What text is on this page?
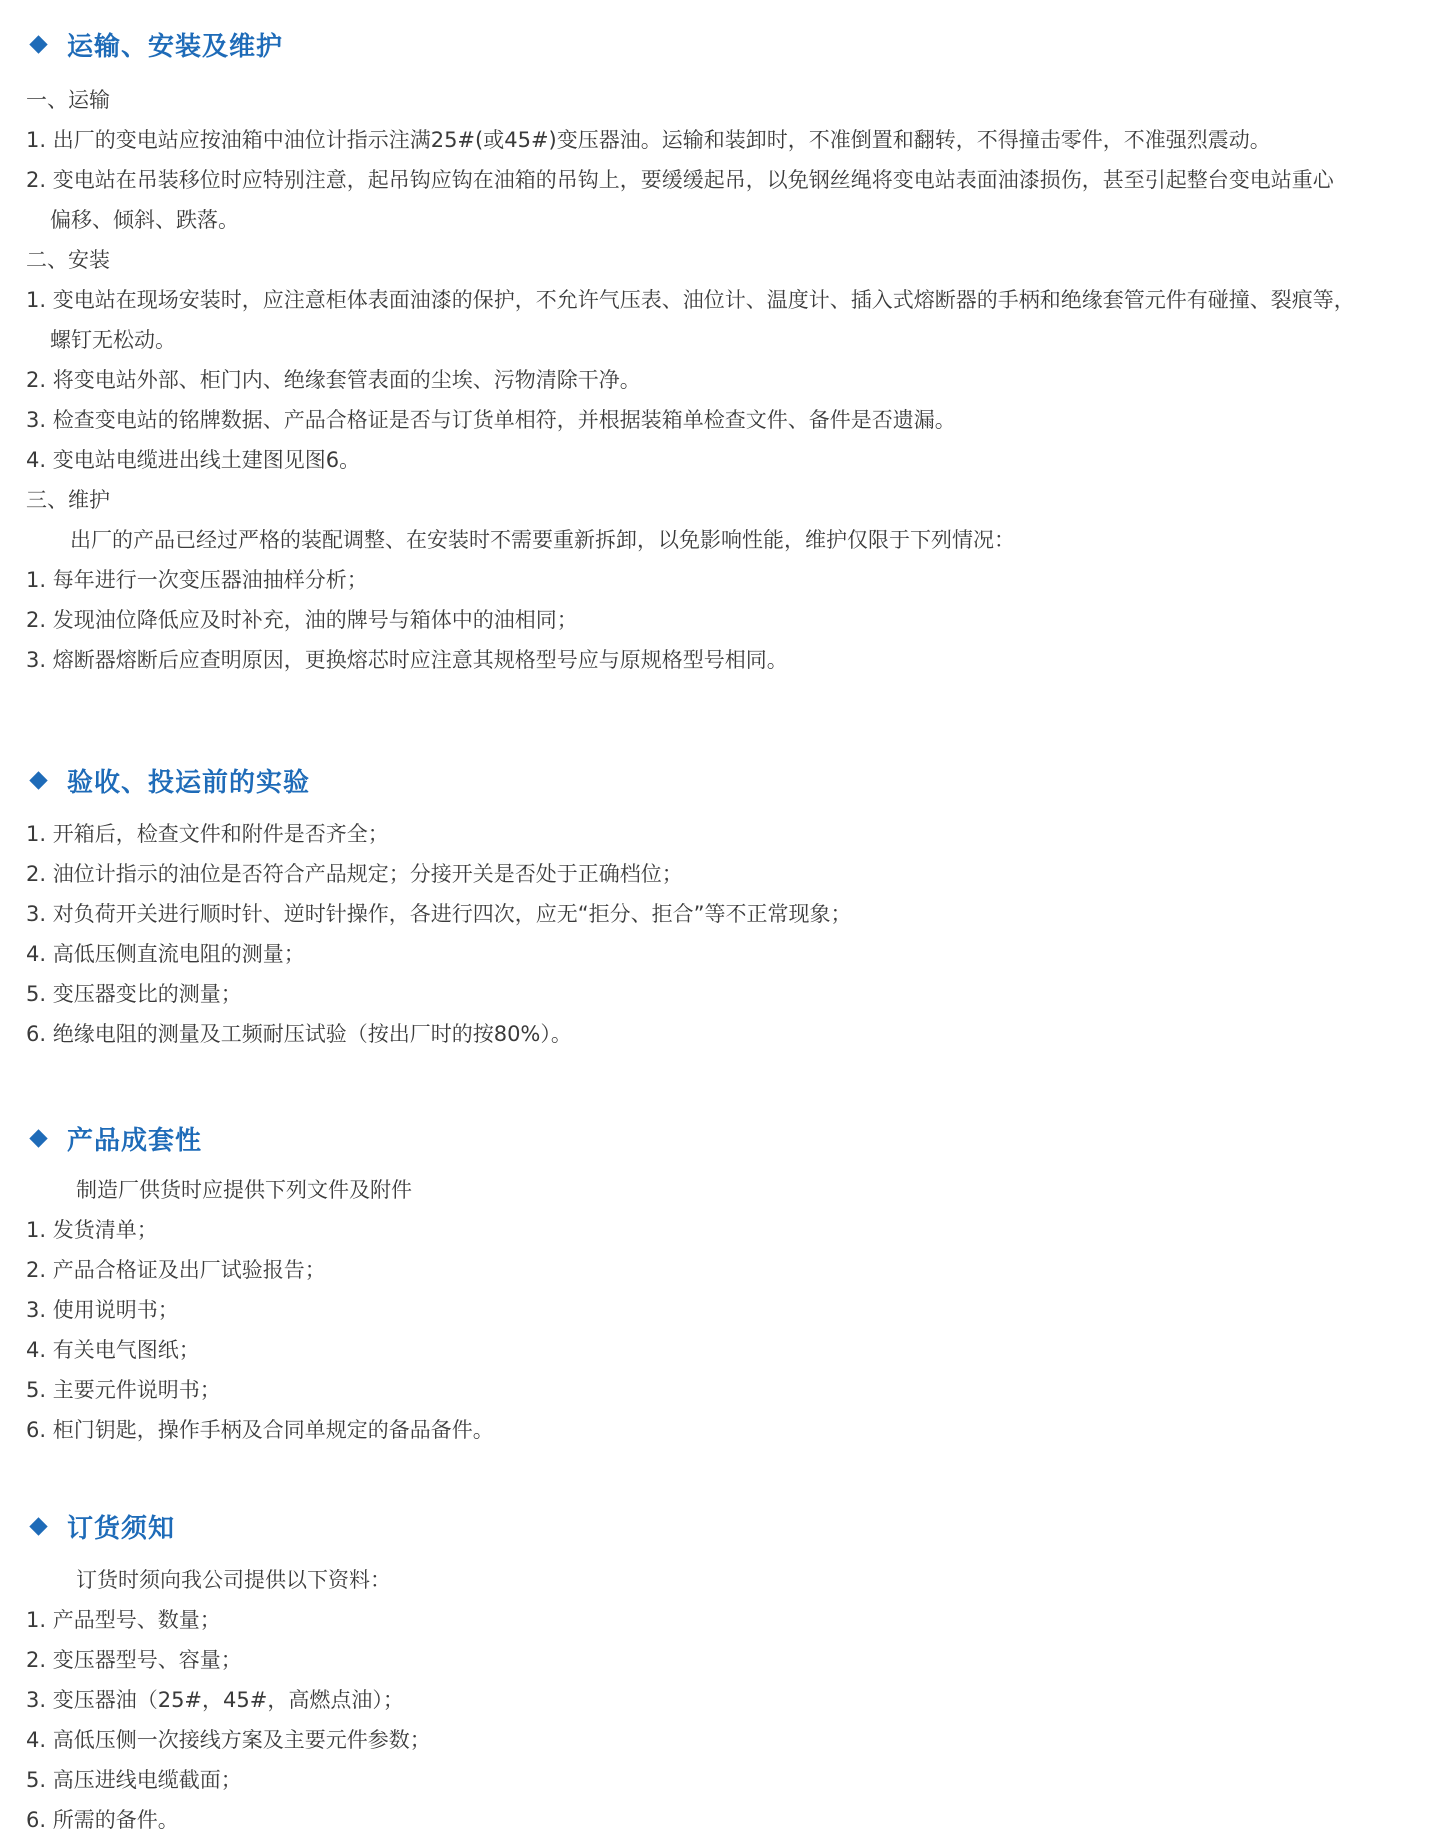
运输、安装及维护
一、运输
1. 出厂的变电站应按油箱中油位计指示注满25#(或45#)变压器油。运输和装卸时，不准倒置和翻转，不得撞击零件，不准强烈震动。
2. 变电站在吊装移位时应特别注意，起吊钩应钩在油箱的吊钩上，要缓缓起吊，以免钢丝绳将变电站表面油漆损伤，甚至引起整台变电站重心
偏移、倾斜、跌落。
二、安装
1. 变电站在现场安装时，应注意柜体表面油漆的保护，不允许气压表、油位计、温度计、插入式熔断器的手柄和绝缘套管元件有碰撞、裂痕等，
螺钉无松动。
2. 将变电站外部、柜门内、绝缘套管表面的尘埃、污物清除干净。
3. 检查变电站的铭牌数据、产品合格证是否与订货单相符，并根据装箱单检查文件、备件是否遗漏。
4. 变电站电缆进出线土建图见图6。
三、维护
出厂的产品已经过严格的装配调整、在安装时不需要重新拆卸，以免影响性能，维护仅限于下列情况：
1. 每年进行一次变压器油抽样分析；
2. 发现油位降低应及时补充，油的牌号与箱体中的油相同；
3. 熔断器熔断后应查明原因，更换熔芯时应注意其规格型号应与原规格型号相同。
验收、投运前的实验
1. 开箱后，检查文件和附件是否齐全；
2. 油位计指示的油位是否符合产品规定；分接开关是否处于正确档位；
3. 对负荷开关进行顺时针、逆时针操作，各进行四次，应无“拒分、拒合”等不正常现象；
4. 高低压侧直流电阻的测量；
5. 变压器变比的测量；
6. 绝缘电阻的测量及工频耐压试验（按出厂时的按80%）。
产品成套性
制造厂供货时应提供下列文件及附件
1. 发货清单；
2. 产品合格证及出厂试验报告；
3. 使用说明书；
4. 有关电气图纸；
5. 主要元件说明书；
6. 柜门钥匙，操作手柄及合同单规定的备品备件。
订货须知
订货时须向我公司提供以下资料：
1. 产品型号、数量；
2. 变压器型号、容量；
3. 变压器油（25#，45#，高燃点油）；
4. 高低压侧一次接线方案及主要元件参数；
5. 高压进线电缆截面；
6. 所需的备件。
